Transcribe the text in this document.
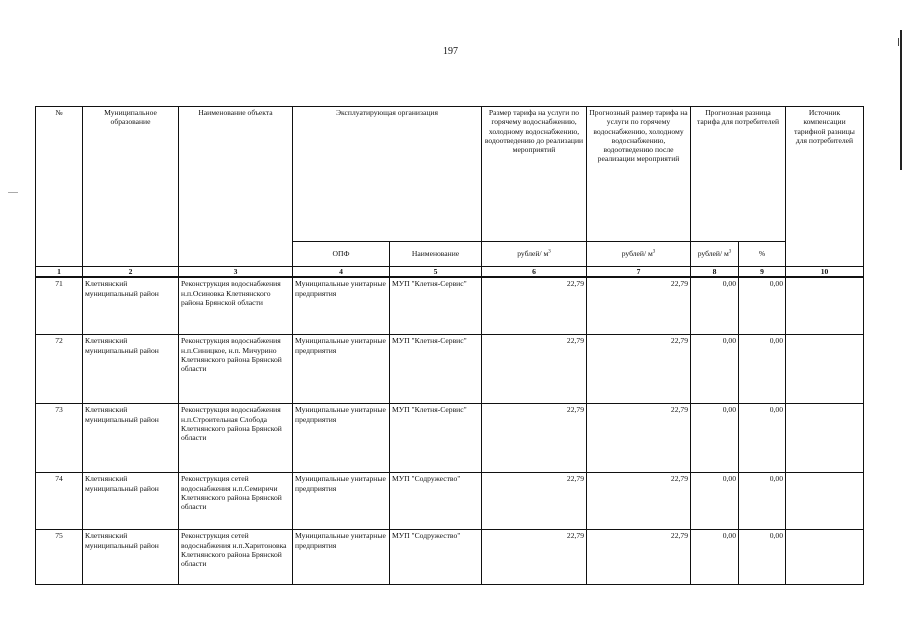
197
№	Муниципальное образование	Наименование объекта	Эксплуатирующая организация		Размер тарифа на услуги по горячему водоснабжению, холодному водоснабжению, водоотведению до реализации мероприятий	Прогнозный размер тарифа на услуги по горячему водоснабжению, холодному водоснабжению, водоотведению после реализации мероприятий	Прогнозная разница тарифа для потребителей		Источник компенсации тарифной разницы для потребителей
			ОПФ	Наименование	рублей/ $м^3$	рублей/ $м^3$	рублей/ $м^3$	%	
1	2	3	4	5	6	7	8	9	10
71	Клетнянский муниципальный район	Реконструкция водоснабжения н.п.Осиновка Клетнянского района Брянской области	Муниципальные унитарные предприятия	МУП "Клетня-Сервис"	22,79	22,79	0,00	0,00	
72	Клетнянский муниципальный район	Реконструкция водоснабжения н.п.Синицкое, н.п. Мичурино Клетнянского района Брянской области	Муниципальные унитарные предприятия	МУП "Клетня-Сервис"	22,79	22,79	0,00	0,00	
73	Клетнянский муниципальный район	Реконструкция водоснабжения н.п.Строительная Слобода Клетнянского района Брянской области	Муниципальные унитарные предприятия	МУП "Клетня-Сервис"	22,79	22,79	0,00	0,00	
74	Клетнянский муниципальный район	Реконструкция сетей водоснабжения н.п.Семиричи Клетнянского района Брянской области	Муниципальные унитарные предприятия	МУП "Содружество"	22,79	22,79	0,00	0,00	
75	Клетнянский муниципальный район	Реконструкция сетей водоснабжения н.п.Харитоновка Клетнянского района Брянской области	Муниципальные унитарные предприятия	МУП "Содружество"	22,79	22,79	0,00	0,00	
